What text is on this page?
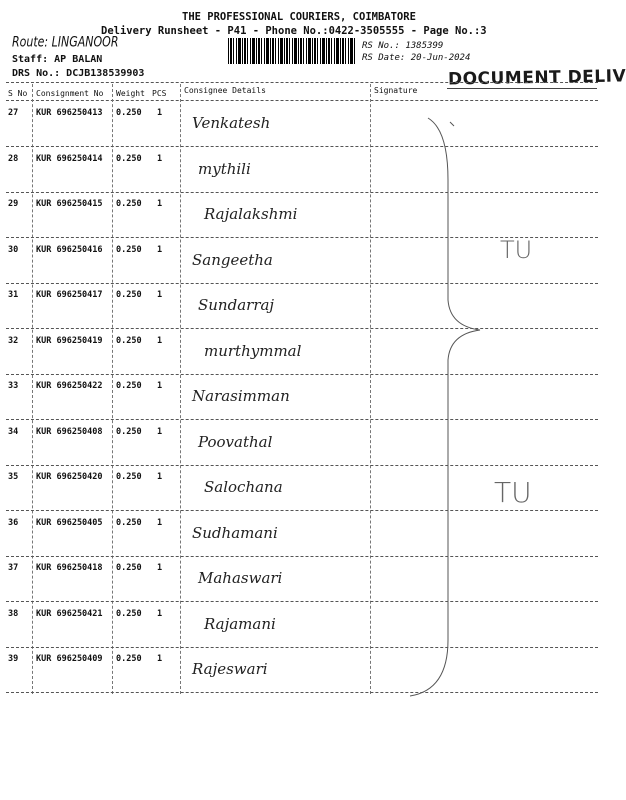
THE PROFESSIONAL COURIERS, COIMBATORE
Delivery Runsheet - P41 - Phone No.:0422-3505555 - Page No.:3
Route: LINGANOOR
Staff: AP BALAN
DRS No.: DCJB138539903
RS No.: 1385399
RS Date: 20-Jun-2024
DOCUMENT DELIV
S No Consignment No Weight PCS Consignee Details	Signature
27 KUR 696250413 0.250 1
Venkatesh
28 KUR 696250414 0.250 1
mythili
29 KUR 696250415 0.250 1
Rajalakshmi
30 KUR 696250416 0.250 1
Sangeetha
31 KUR 696250417 0.250 1
Sundarraj
32 KUR 696250419 0.250 1
murthymmal
33 KUR 696250422 0.250 1
Narasimman
34 KUR 696250408 0.250 1
Poovathal
35 KUR 696250420 0.250 1
Salochana
36 KUR 696250405 0.250 1
Sudhamani
37 KUR 696250418 0.250 1
Mahaswari
38 KUR 696250421 0.250 1
Rajamani
39 KUR 696250409 0.250 1
Rajeswari
TU
TU
